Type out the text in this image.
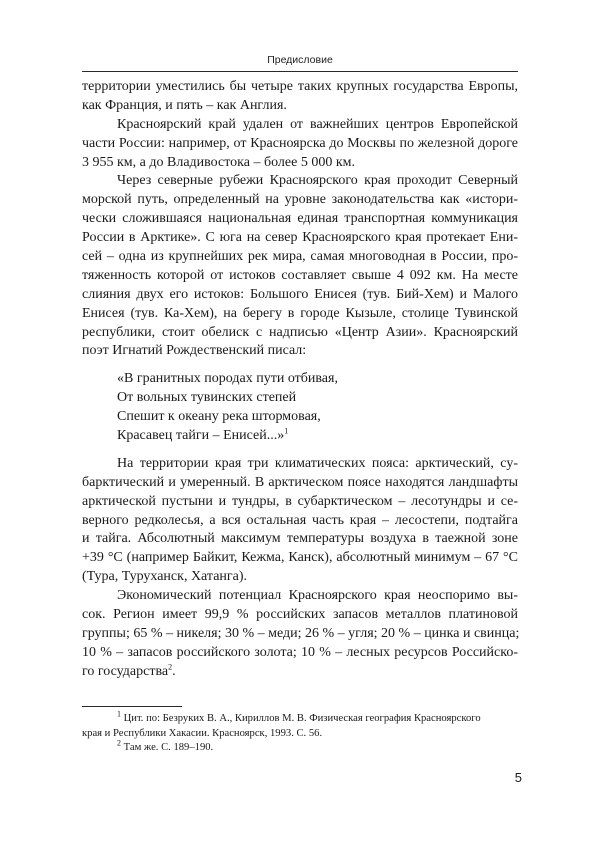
Предисловие
территории уместились бы четыре таких крупных государства Европы,
как Франция, и пять – как Англия.
Красноярский край удален от важнейших центров Европейской
части России: например, от Красноярска до Москвы по железной дороге
3 955 км, а до Владивостока – более 5 000 км.
Через северные рубежи Красноярского края проходит Северный
морской путь, определенный на уровне законодательства как «истори-
чески сложившаяся национальная единая транспортная коммуникация
России в Арктике». С юга на север Красноярского края протекает Ени-
сей – одна из крупнейших рек мира, самая многоводная в России, про-
тяженность которой от истоков составляет свыше 4 092 км. На месте
слияния двух его истоков: Большого Енисея (тув. Бий-Хем) и Малого
Енисея (тув. Ка-Хем), на берегу в городе Кызыле, столице Тувинской
республики, стоит обелиск с надписью «Центр Азии». Красноярский
поэт Игнатий Рождественский писал:
«В гранитных породах пути отбивая,
От вольных тувинских степей
Спешит к океану река штормовая,
Красавец тайги – Енисей...»$^1$
На территории края три климатических пояса: арктический, су-
барктический и умеренный. В арктическом поясе находятся ландшафты
арктической пустыни и тундры, в субарктическом – лесотундры и се-
верного редколесья, а вся остальная часть края – лесостепи, подтайга
и тайга. Абсолютный максимум температуры воздуха в таежной зоне
+39 °C (например Байкит, Кежма, Канск), абсолютный минимум – 67 °C
(Тура, Туруханск, Хатанга).
Экономический потенциал Красноярского края неоспоримо вы-
сок. Регион имеет 99,9 % российских запасов металлов платиновой
группы; 65 % – никеля; 30 % – меди; 26 % – угля; 20 % – цинка и свинца;
10 % – запасов российского золота; 10 % – лесных ресурсов Российско-
го государства$^2$.
$^1$ Цит. по: Безруких В. А., Кириллов М. В. Физическая география Красноярского
края и Республики Хакасии. Красноярск, 1993. С. 56.
$^2$ Там же. С. 189–190.
5
